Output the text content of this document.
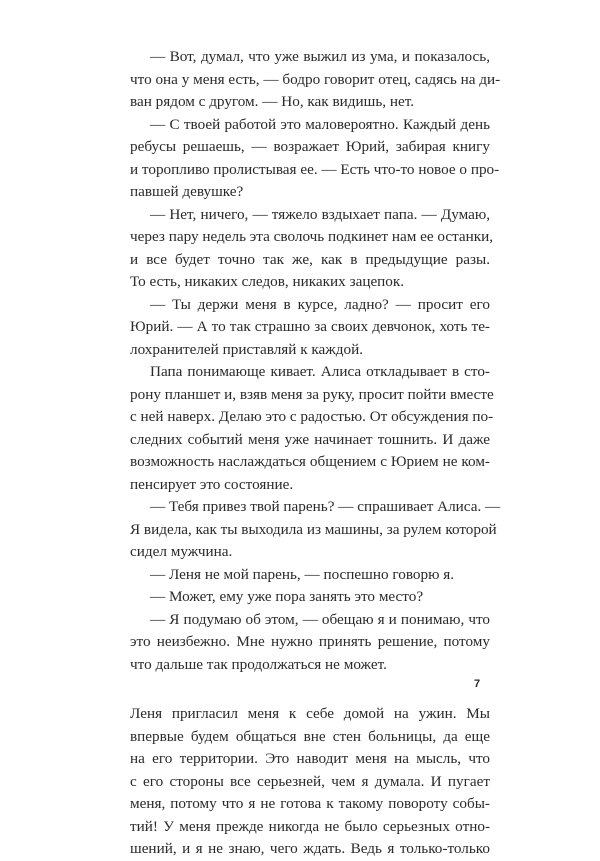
— Вот, думал, что уже выжил из ума, и показалось,
что она у меня есть, — бодро говорит отец, садясь на ди-
ван рядом с другом. — Но, как видишь, нет.
— С твоей работой это маловероятно. Каждый день
ребусы решаешь, — возражает Юрий, забирая книгу
и торопливо пролистывая ее. — Есть что-то новое о про-
павшей девушке?
— Нет, ничего, — тяжело вздыхает папа. — Думаю,
через пару недель эта сволочь подкинет нам ее останки,
и все будет точно так же, как в предыдущие разы.
То есть, никаких следов, никаких зацепок.
— Ты держи меня в курсе, ладно? — просит его
Юрий. — А то так страшно за своих девчонок, хоть те-
лохранителей приставляй к каждой.
Папа понимающе кивает. Алиса откладывает в сто-
рону планшет и, взяв меня за руку, просит пойти вместе
с ней наверх. Делаю это с радостью. От обсуждения по-
следних событий меня уже начинает тошнить. И даже
возможность наслаждаться общением с Юрием не ком-
пенсирует это состояние.
— Тебя привез твой парень? — спрашивает Алиса. —
Я видела, как ты выходила из машины, за рулем которой
сидел мужчина.
— Леня не мой парень, — поспешно говорю я.
— Может, ему уже пора занять это место?
— Я подумаю об этом, — обещаю я и понимаю, что
это неизбежно. Мне нужно принять решение, потому
что дальше так продолжаться не может.
Леня пригласил меня к себе домой на ужин. Мы
впервые будем общаться вне стен больницы, да еще
на его территории. Это наводит меня на мысль, что
с его стороны все серьезней, чем я думала. И пугает
меня, потому что я не готова к такому повороту собы-
тий! У меня прежде никогда не было серьезных отно-
шений, и я не знаю, чего ждать. Ведь я только-только
7
